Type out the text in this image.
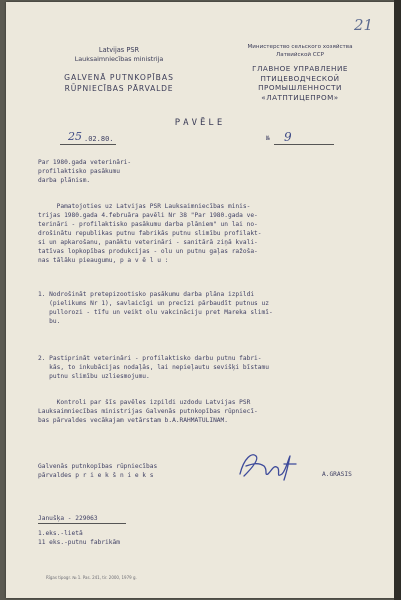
21
Latvijas PSR
Lauksaimniecības ministrija
GALVENĀ PUTNKOPĪBAS
RŪPNIECĪBAS PĀRVALDE
Министерство сельского хозяйства
Латвийской ССР
ГЛАВНОЕ УПРАВЛЕНИЕ
ПТИЦЕВОДЧЕСКОЙ
ПРОМЫШЛЕННОСТИ
«ЛАТПТИЦЕПРОМ»
PAVĒLE
25 .02.80.	№ 9
Par 1980.gada veterināri-
profilaktisko pasākumu
darba plānism.
Pamatojoties uz Latvijas PSR Lauksaimniecības minis-
trijas 1980.gada 4.februāra pavēli Nr 38 "Par 1980.gada ve-
terināri - profilaktisko pasākumu darba plāniem" un lai no-
drošinātu republikas putnu fabrikās putnu slimību profilakt-
si un apkarošanu, panāktu veterināri - sanitārā ziņā kvali-
tatīvas lopkopības produkcijas - olu un putnu gaļas ražoša-
nas tālāku pieaugumu, p a v ē l u :
1. Nodrošināt pretepizootisko pasākumu darba plāna izpildi
(pielikums Nr 1), savlaicīgi un precīzi pārbaudīt putnus uz
pullorozi - tīfu un veikt olu vakcināciju pret Mareka slimī-
bu.
2. Pastiprināt veterināri - profilaktisko darbu putnu fabri-
kās, to inkubācijas nodaļās, lai nepieļautu sevišķi bīstamu
putnu slimību uzliesmojumu.
Kontroli par šīs pavēles izpildi uzdodu Latvijas PSR
Lauksaimniecības ministrijas Galvenās putnkopības rūpniecī-
bas pārvaldes vecākajam vetārstam b.A.RAHMATULINAM.
Galvenās putnkopības rūpniecības
pārvaldes p r i e k š n i e k s	A.GRASIS
Janušķa - 229063
1.eks.-lietā
11 eks.-putnu fabrikām
Rīgas tipogr. № 1. Pas. 241, tir. 2000, 1979 g.
